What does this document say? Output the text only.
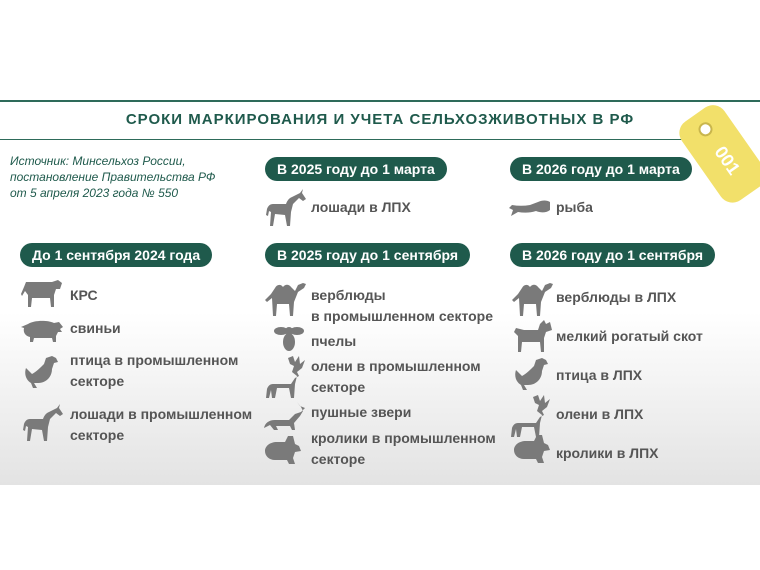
СРОКИ МАРКИРОВАНИЯ И УЧЕТА СЕЛЬХОЗЖИВОТНЫХ В РФ
Источник: Минсельхоз России,
постановление Правительства РФ
от 5 апреля 2023 года № 550
001
В 2025 году до 1 марта	В 2026 году до 1 марта
До 1 сентября 2024 года	В 2025 году до 1 сентября	В 2026 году до 1 сентября
лошади в ЛПХ	рыба
КРС
свиньи
птица в промышленном
секторе
лошади в промышленном
секторе
верблюды
в промышленном секторе
пчелы
олени в промышленном
секторе
пушные звери
кролики в промышленном
секторе
верблюды в ЛПХ
мелкий рогатый скот
птица в ЛПХ
олени в ЛПХ
кролики в ЛПХ
